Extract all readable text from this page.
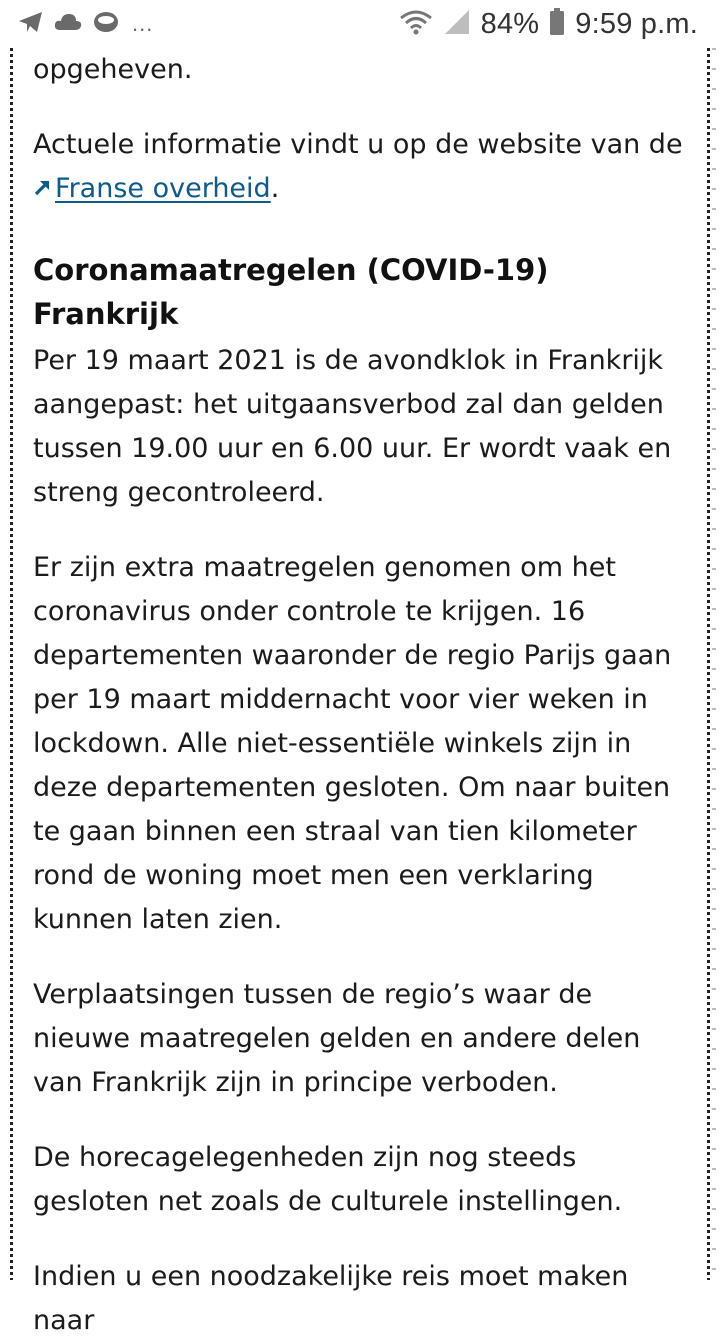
...	84% 9:59 p.m.

opgeheven.

Actuele informatie vindt u op de website van de
Franse overheid.

Coronamaatregelen (COVID-19) Frankrijk

Per 19 maart 2021 is de avondklok in Frankrijk aangepast: het uitgaansverbod zal dan gelden tussen 19.00 uur en 6.00 uur. Er wordt vaak en streng gecontroleerd.

Er zijn extra maatregelen genomen om het coronavirus onder controle te krijgen. 16 departementen waaronder de regio Parijs gaan per 19 maart middernacht voor vier weken in lockdown. Alle niet-essentiële winkels zijn in deze departementen gesloten. Om naar buiten te gaan binnen een straal van tien kilometer rond de woning moet men een verklaring kunnen laten zien.

Verplaatsingen tussen de regio’s waar de nieuwe maatregelen gelden en andere delen van Frankrijk zijn in principe verboden.

De horecagelegenheden zijn nog steeds gesloten net zoals de culturele instellingen.

Indien u een noodzakelijke reis moet maken naar
